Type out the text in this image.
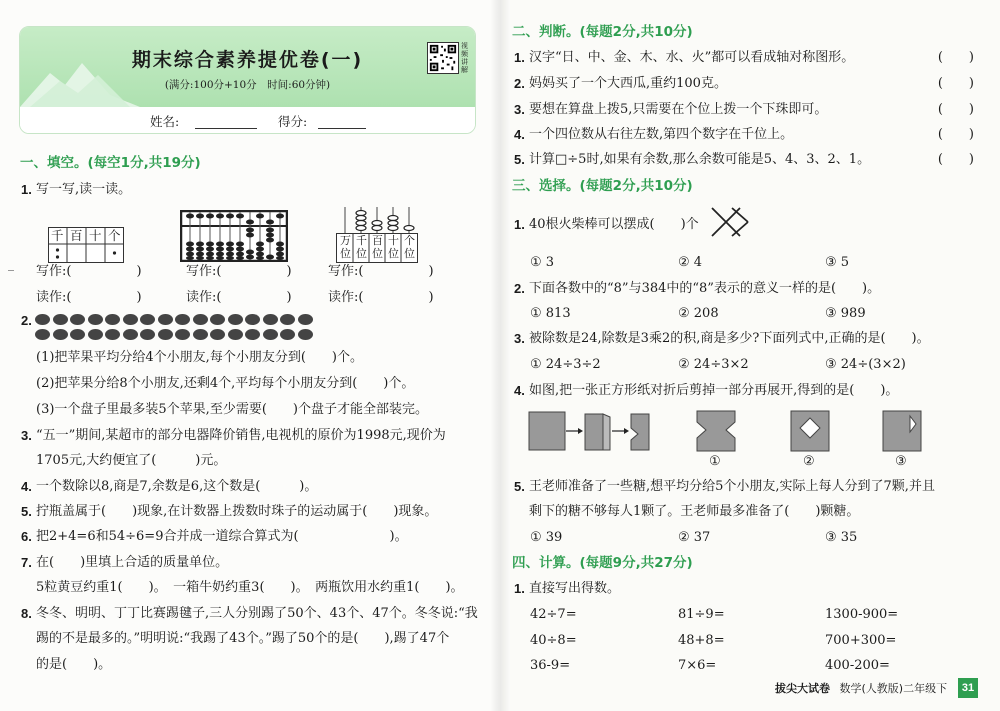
期末综合素养提优卷(一)
(满分:100分+10分　时间:60分钟)
视频讲解
姓名:	得分:
一、填空。(每空1分,共19分)
1. 写一写,读一读。
千 百 十 个	万位
千位
百位
十位
个位
写作:(　　　　　)	写作:(　　　　　)	写作:(　　　　　)
读作:(　　　　　)	读作:(　　　　　)	读作:(　　　　　)
2.
(1)把苹果平均分给4个小朋友,每个小朋友分到(　　)个。
(2)把苹果分给8个小朋友,还剩4个,平均每个小朋友分到(　　)个。
(3)一个盘子里最多装5个苹果,至少需要(　　)个盘子才能全部装完。
3. “五一”期间,某超市的部分电器降价销售,电视机的原价为1998元,现价为
1705元,大约便宜了(　　　)元。
4. 一个数除以8,商是7,余数是6,这个数是(　　　)。
5. 拧瓶盖属于(　　)现象,在计数器上拨数时珠子的运动属于(　　)现象。
6. 把2+4=6和54÷6=9合并成一道综合算式为(　　　　　　　)。
7. 在(　　)里填上合适的质量单位。
5粒黄豆约重1(　　)。　一箱牛奶约重3(　　)。　两瓶饮用水约重1(　　)。
8. 冬冬、明明、丁丁比赛踢毽子,三人分别踢了50个、43个、47个。冬冬说:“我
踢的不是最多的。”明明说:“我踢了43个。”踢了50个的是(　　),踢了47个
的是(　　)。
二、判断。(每题2分,共10分)
1. 汉字“日、中、金、木、水、火”都可以看成轴对称图形。	(　　)
2. 妈妈买了一个大西瓜,重约100克。	(　　)
3. 要想在算盘上拨5,只需要在个位上拨一个下珠即可。	(　　)
4. 一个四位数从右往左数,第四个数字在千位上。	(　　)
5. 计算□÷5时,如果有余数,那么余数可能是5、4、3、2、1。	(　　)
三、选择。(每题2分,共10分)
1. 40根火柴棒可以摆成(　　)个
① 3	② 4	③ 5
2. 下面各数中的“8”与384中的“8”表示的意义一样的是(　　)。
① 813	② 208	③ 989
3. 被除数是24,除数是3乘2的积,商是多少?下面列式中,正确的是(　　)。
① 24÷3÷2	② 24÷3×2	③ 24÷(3×2)
4. 如图,把一张正方形纸对折后剪掉一部分再展开,得到的是(　　)。
①	②	③
5. 王老师准备了一些糖,想平均分给5个小朋友,实际上每人分到了7颗,并且
剩下的糖不够每人1颗了。王老师最多准备了(　　)颗糖。
① 39	② 37	③ 35
四、计算。(每题9分,共27分)
1. 直接写出得数。
42÷7=	81÷9=	1300-900=
40÷8=	48+8=	700+300=
36-9=	7×6=	400-200=
拔尖大试卷 数学(人教版)二年级下	31
